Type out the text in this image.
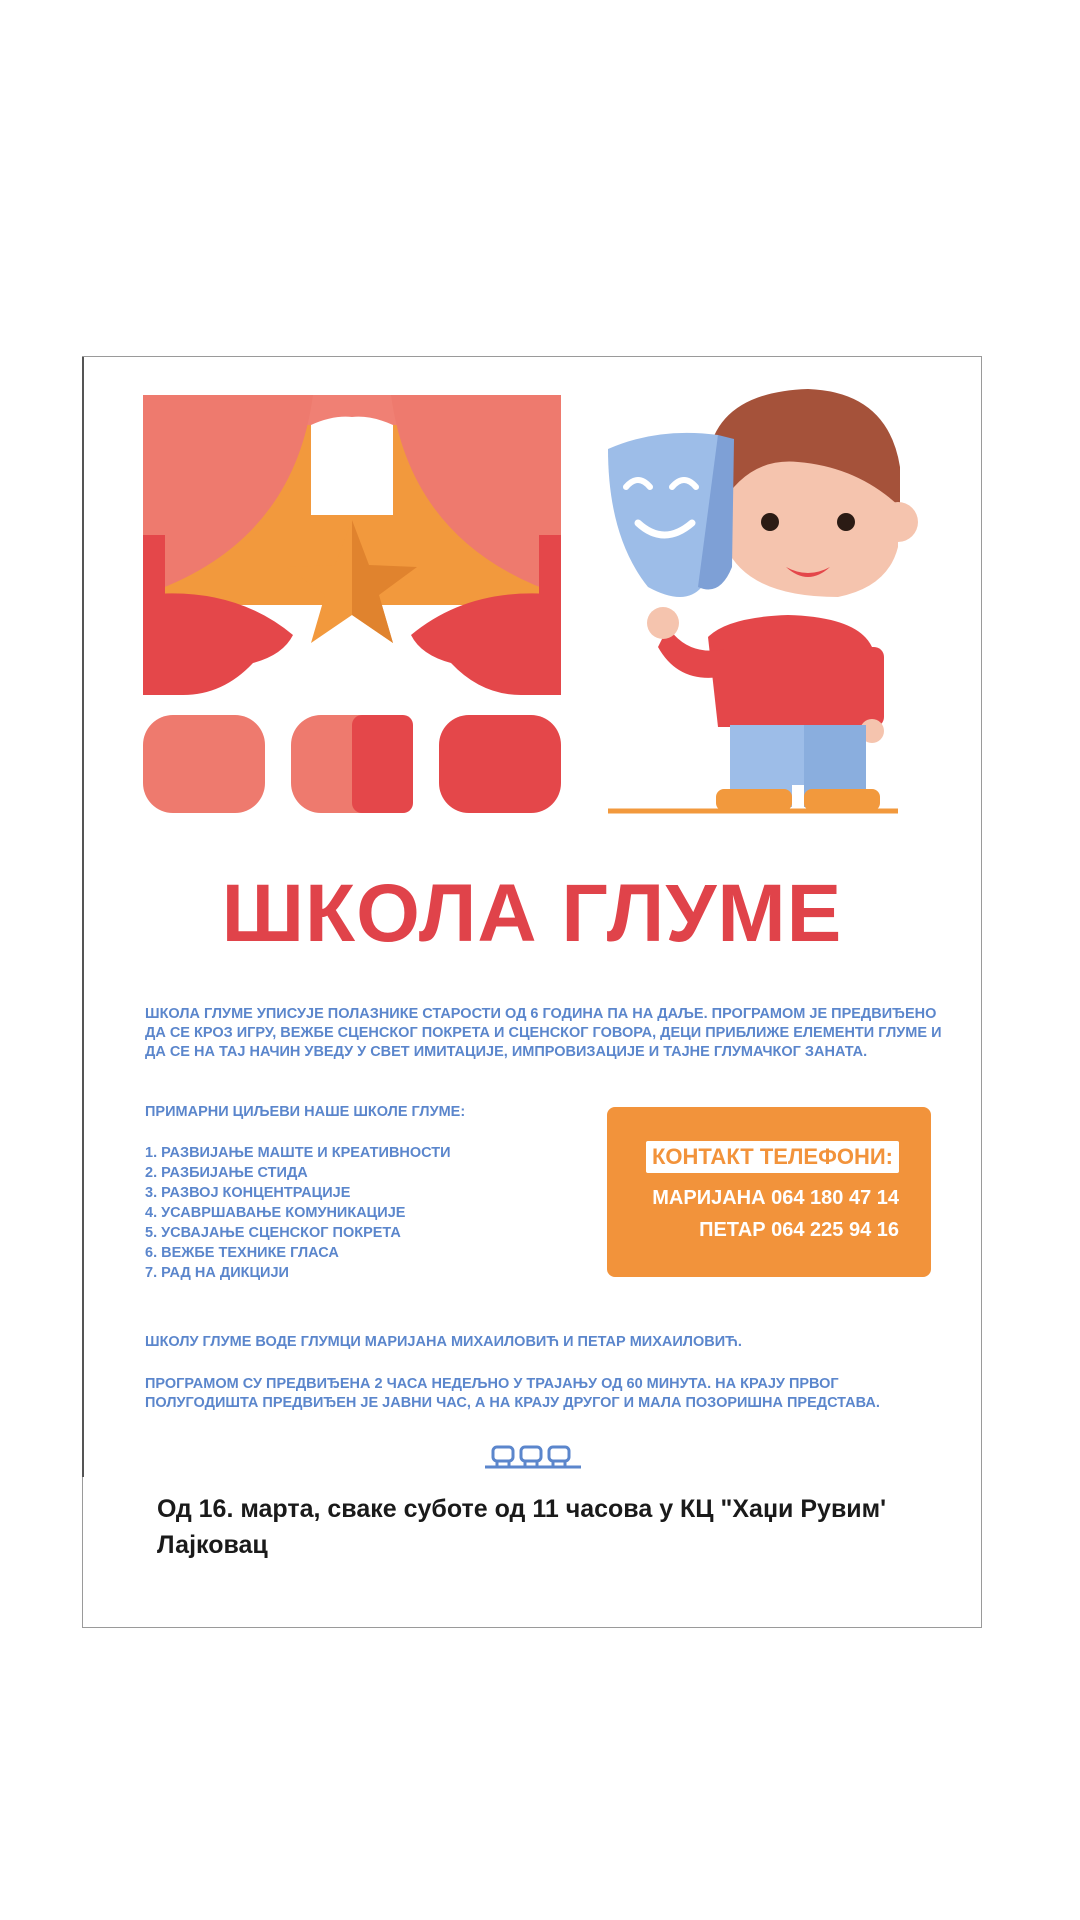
ШКОЛА ГЛУМЕ
ШКОЛА ГЛУМЕ УПИСУЈЕ ПОЛАЗНИКЕ СТАРОСТИ ОД 6 ГОДИНА ПА НА ДАЉЕ. ПРОГРАМОМ ЈЕ ПРЕДВИЂЕНО ДА СЕ КРОЗ ИГРУ, ВЕЖБЕ СЦЕНСКОГ ПОКРЕТА И СЦЕНСКОГ ГОВОРА, ДЕЦИ ПРИБЛИЖЕ ЕЛЕМЕНТИ ГЛУМЕ И ДА СЕ НА ТАЈ НАЧИН УВЕДУ У СВЕТ ИМИТАЦИЈЕ, ИМПРОВИЗАЦИЈЕ И ТАЈНЕ ГЛУМАЧКОГ ЗАНАТА.
ПРИМАРНИ ЦИЉЕВИ НАШЕ ШКОЛЕ ГЛУМЕ:
1. РАЗВИЈАЊЕ МАШТЕ И КРЕАТИВНОСТИ
2. РАЗБИЈАЊЕ СТИДА
3. РАЗВОЈ КОНЦЕНТРАЦИЈЕ
4. УСАВРШАВАЊЕ КОМУНИКАЦИЈЕ
5. УСВАЈАЊЕ СЦЕНСКОГ ПОКРЕТА
6. ВЕЖБЕ ТЕХНИКЕ ГЛАСА
7. РАД НА ДИКЦИЈИ
КОНТАКТ ТЕЛЕФОНИ:
МАРИЈАНА 064 180 47 14
ПЕТАР 064 225 94 16
ШКОЛУ ГЛУМЕ ВОДЕ ГЛУМЦИ МАРИЈАНА МИХАИЛОВИЋ И ПЕТАР МИХАИЛОВИЋ.
ПРОГРАМОМ СУ ПРЕДВИЂЕНА 2 ЧАСА НЕДЕЉНО У ТРАЈАЊУ ОД 60 МИНУТА. НА КРАЈУ ПРВОГ ПОЛУГОДИШТА ПРЕДВИЂЕН ЈЕ ЈАВНИ ЧАС, А НА КРАЈУ ДРУГОГ И МАЛА ПОЗОРИШНА ПРЕДСТАВА.
Од 16. марта, сваке суботе од 11 часова у КЦ "Хаџи Рувим' Лајковац
